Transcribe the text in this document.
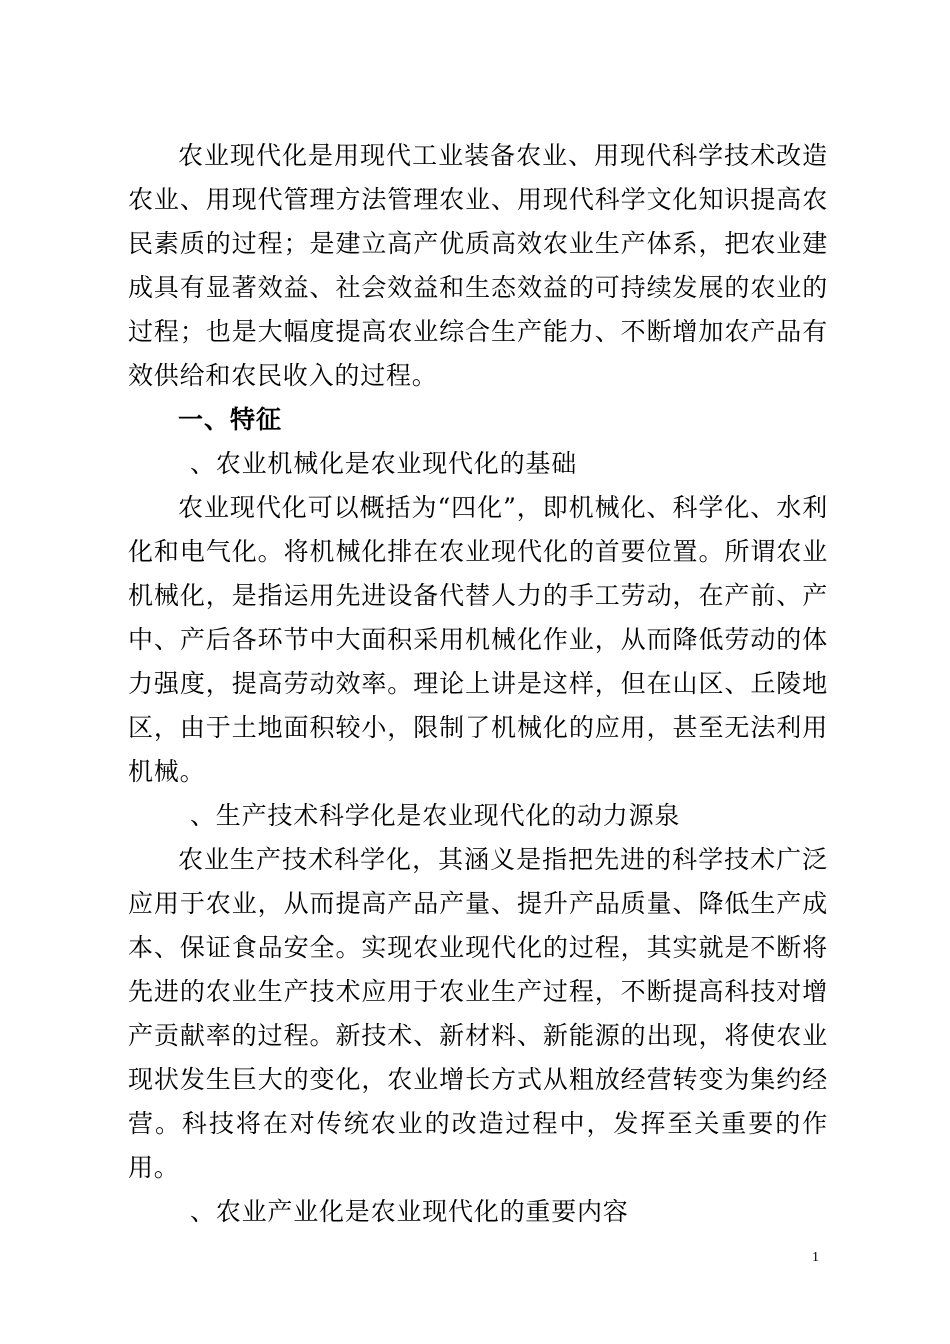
农业现代化是用现代工业装备农业、用现代科学技术改造农业、用现代管理方法管理农业、用现代科学文化知识提高农民素质的过程；是建立高产优质高效农业生产体系，把农业建成具有显著效益、社会效益和生态效益的可持续发展的农业的过程；也是大幅度提高农业综合生产能力、不断增加农产品有效供给和农民收入的过程。

一、特征

、农业机械化是农业现代化的基础

农业现代化可以概括为“四化”，即机械化、科学化、水利化和电气化。将机械化排在农业现代化的首要位置。所谓农业机械化，是指运用先进设备代替人力的手工劳动，在产前、产中、产后各环节中大面积采用机械化作业，从而降低劳动的体力强度，提高劳动效率。理论上讲是这样，但在山区、丘陵地区，由于土地面积较小，限制了机械化的应用，甚至无法利用机械。

、生产技术科学化是农业现代化的动力源泉

农业生产技术科学化，其涵义是指把先进的科学技术广泛应用于农业，从而提高产品产量、提升产品质量、降低生产成本、保证食品安全。实现农业现代化的过程，其实就是不断将先进的农业生产技术应用于农业生产过程，不断提高科技对增产贡献率的过程。新技术、新材料、新能源的出现，将使农业现状发生巨大的变化，农业增长方式从粗放经营转变为集约经营。科技将在对传统农业的改造过程中，发挥至关重要的作用。

、农业产业化是农业现代化的重要内容

1
